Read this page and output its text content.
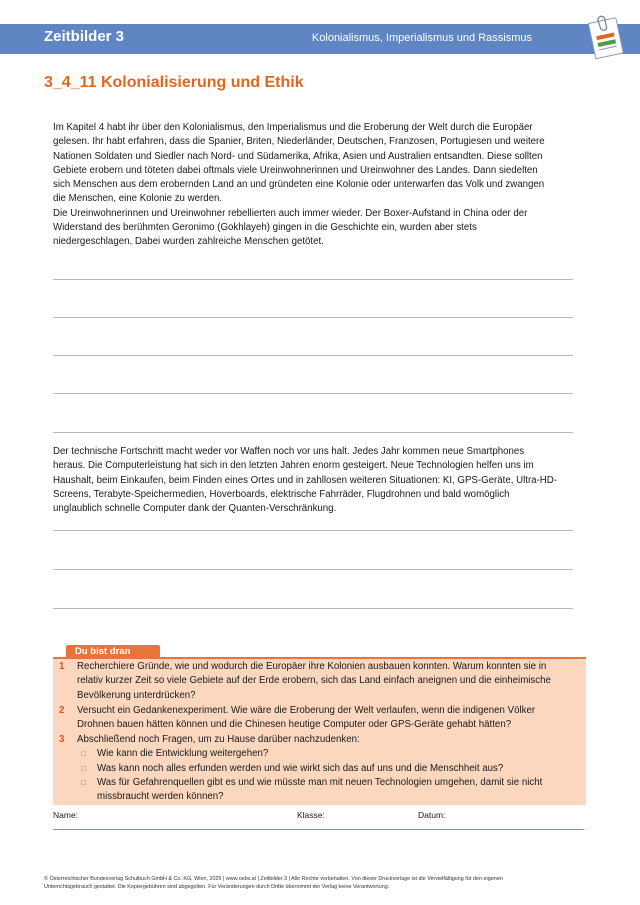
Zeitbilder 3	Kolonialismus, Imperialismus und Rassismus
3_4_11 Kolonialisierung und Ethik
Im Kapitel 4 habt ihr über den Kolonialismus, den Imperialismus und die Eroberung der Welt durch die Europäer
gelesen. Ihr habt erfahren, dass die Spanier, Briten, Niederländer, Deutschen, Franzosen, Portugiesen und weitere
Nationen Soldaten und Siedler nach Nord- und Südamerika, Afrika, Asien und Australien entsandten. Diese sollten
Gebiete erobern und töteten dabei oftmals viele Ureinwohnerinnen und Ureinwohner des Landes. Dann siedelten
sich Menschen aus dem erobernden Land an und gründeten eine Kolonie oder unterwarfen das Volk und zwangen
die Menschen, eine Kolonie zu werden.
Die Ureinwohnerinnen und Ureinwohner rebellierten auch immer wieder. Der Boxer-Aufstand in China oder der
Widerstand des berühmten Geronimo (Gokhlayeh) gingen in die Geschichte ein, wurden aber stets
niedergeschlagen. Dabei wurden zahlreiche Menschen getötet.
Der technische Fortschritt macht weder vor Waffen noch vor uns halt. Jedes Jahr kommen neue Smartphones
heraus. Die Computerleistung hat sich in den letzten Jahren enorm gesteigert. Neue Technologien helfen uns im
Haushalt, beim Einkaufen, beim Finden eines Ortes und in zahllosen weiteren Situationen: KI, GPS-Geräte, Ultra-HD-
Screens, Terabyte-Speichermedien, Hoverboards, elektrische Fahrräder, Flugdrohnen und bald womöglich
unglaublich schnelle Computer dank der Quanten-Verschränkung.
Du bist dran
1 Recherchiere Gründe, wie und wodurch die Europäer ihre Kolonien ausbauen konnten. Warum konnten sie in
relativ kurzer Zeit so viele Gebiete auf der Erde erobern, sich das Land einfach aneignen und die einheimische
Bevölkerung unterdrücken?
2 Versucht ein Gedankenexperiment. Wie wäre die Eroberung der Welt verlaufen, wenn die indigenen Völker
Drohnen bauen hätten können und die Chinesen heutige Computer oder GPS-Geräte gehabt hätten?
3 Abschließend noch Fragen, um zu Hause darüber nachzudenken:
□ Wie kann die Entwicklung weitergehen?
□ Was kann noch alles erfunden werden und wie wirkt sich das auf uns und die Menschheit aus?
□ Was für Gefahrenquellen gibt es und wie müsste man mit neuen Technologien umgehen, damit sie nicht
missbraucht werden können?
Name:	Klasse:	Datum:
© Österreichischer Bundesverlag Schulbuch GmbH & Co. KG, Wien, 2025 | www.oebv.at | Zeitbilder 3 | Alle Rechte vorbehalten. Von dieser Druckvorlage ist die Vervielfältigung für den eigenen
Unterrichtsgebrauch gestattet. Die Kopiergebühren sind abgegolten. Für Veränderungen durch Dritte übernimmt der Verlag keine Verantwortung.
